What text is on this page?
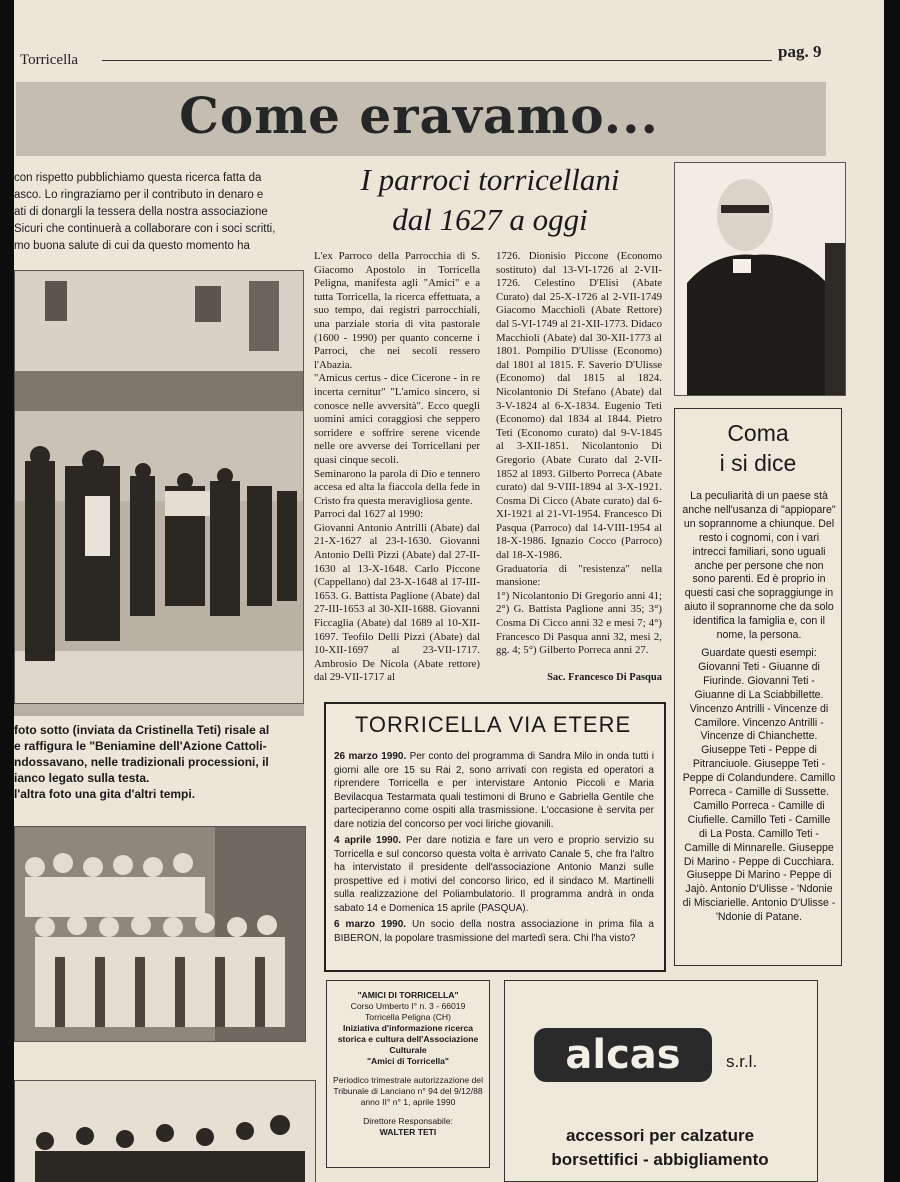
Torricella	pag. 9
Come eravamo...

con rispetto pubblichiamo questa ricerca fatta da

asco. Lo ringraziamo per il contributo in denaro e

ati di donargli la tessera della nostra associazione

Sicuri che continuerà a collaborare con i soci scritti,

mo buona salute di cui da questo momento ha

I parroci torricellani
dal 1627 a oggi

L'ex Parroco della Parrocchia di S. Giacomo Apostolo in Torricella Peligna, manifesta agli "Amici" e a tutta Torricella, la ricerca effettuata, a suo tempo, dai registri parrocchiali, una parziale storia di vita pastorale (1600 - 1990) per quanto concerne i Parroci, che nei secoli ressero l'Abazia.

"Amicus certus - dice Cicerone - in re incerta cernitur" "L'amico sincero, si conosce nelle avversità". Ecco quegli uomini amici coraggiosi che seppero sorridere e soffrire serene vicende nelle ore avverse dei Torricellani per quasi cinque secoli.

Seminarono la parola di Dio e tennero accesa ed alta la fiaccola della fede in Cristo fra questa meravigliosa gente.

Parroci dal 1627 al 1990:

Giovanni Antonio Antrilli (Abate) dal 21-X-1627 al 23-I-1630. Giovanni Antonio Delli Pizzi (Abate) dal 27-II-1630 al 13-X-1648. Carlo Piccone (Cappellano) dal 23-X-1648 al 17-III-1653. G. Battista Paglione (Abate) dal 27-III-1653 al 30-XII-1688. Giovanni Ficcaglia (Abate) dal 1689 al 10-XII-1697. Teofilo Delli Pizzi (Abate) dal 10-XII-1697 al 23-VII-1717. Ambrosio De Nicola (Abate rettore) dal 29-VII-1717 al

1726. Dionisio Piccone (Economo sostituto) dal 13-VI-1726 al 2-VII-1726. Celestino D'Elisi (Abate Curato) dal 25-X-1726 al 2-VII-1749 Giacomo Macchioli (Abate Rettore) dal 5-VI-1749 al 21-XII-1773. Didaco Macchioli (Abate) dal 30-XII-1773 al 1801. Pompilio D'Ulisse (Economo) dal 1801 al 1815. F. Saverio D'Ulisse (Economo) dal 1815 al 1824. Nicolantonio Di Stefano (Abate) dal 3-V-1824 al 6-X-1834. Eugenio Teti (Economo) dal 1834 al 1844. Pietro Teti (Economo curato) dal 9-V-1845 al 3-XII-1851. Nicolantonio Di Gregorio (Abate Curato dal 2-VII-1852 al 1893. Gilberto Porreca (Abate curato) dal 9-VIII-1894 al 3-X-1921. Cosma Di Cicco (Abate curato) dal 6-XI-1921 al 21-VI-1954. Francesco Di Pasqua (Parroco) dal 14-VIII-1954 al 18-X-1986. Ignazio Cocco (Parroco) dal 18-X-1986.

Graduatoria di "resistenza" nella mansione:

1°) Nicolantonio Di Gregorio anni 41; 2°) G. Battista Paglione anni 35; 3°) Cosma Di Cicco anni 32 e mesi 7; 4°) Francesco Di Pasqua anni 32, mesi 2, gg. 4; 5°) Gilberto Porreca anni 27.

Sac. Francesco Di Pasqua
Coma
i si dice

La peculiarità di un paese stà anche nell'usanza di "appiopare" un soprannome a chiunque. Del resto i cognomi, con i vari intrecci familiari, sono uguali anche per persone che non sono parenti. Ed è proprio in questi casi che sopraggiunge in aiuto il soprannome che da solo identifica la famiglia e, con il nome, la persona.

Guardate questi esempi: Giovanni Teti - Giuanne di Fiurinde. Giovanni Teti - Giuanne di La Sciabbillette. Vincenzo Antrilli - Vincenze di Camilore. Vincenzo Antrilli - Vincenze di Chianchette. Giuseppe Teti - Peppe di Pitranciuole. Giuseppe Teti - Peppe di Colandundere. Camillo Porreca - Camille di Sussette. Camillo Porreca - Camille di Ciufielle. Camillo Teti - Camille di La Posta. Camillo Teti - Camille di Minnarelle. Giuseppe Di Marino - Peppe di Cucchiara. Giuseppe Di Marino - Peppe di Jajò. Antonio D'Ulisse - 'Ndonie di Misciarielle. Antonio D'Ulisse - 'Ndonie di Patane.

foto sotto (inviata da Cristinella Teti) risale al

e raffigura le "Beniamine dell'Azione Cattoli-

ndossavano, nelle tradizionali processioni, il

ianco legato sulla testa.

l'altra foto una gita d'altri tempi.

TORRICELLA VIA ETERE

26 marzo 1990. Per conto del programma di Sandra Milo in onda tutti i giorni alle ore 15 su Rai 2, sono arrivati con regista ed operatori a riprendere Torricella e per intervistare Antonio Piccoli e Maria Bevilacqua Testarmata quali testimoni di Bruno e Gabriella Gentile che parteciperanno come ospiti alla trasmissione. L'occasione è servita per dare notizia del concorso per voci liriche giovanili.

4 aprile 1990. Per dare notizia e fare un vero e proprio servizio su Torricella e sul concorso questa volta è arrivato Canale 5, che fra l'altro ha intervistato il presidente dell'associazione Antonio Manzi sulle prospettive ed i motivi del concorso lirico, ed il sindaco M. Martinelli sulla realizzazione del Poliambulatorio. Il programma andrà in onda sabato 14 e Domenica 15 aprile (PASQUA).

6 marzo 1990. Un socio della nostra associazione in prima fila a BIBERON, la popolare trasmissione del martedì sera. Chi l'ha visto?

"AMICI DI TORRICELLA"

Corso Umberto I° n. 3 - 66019

Torricella Peligna (CH)

Iniziativa d'informazione ricerca storica e cultura dell'Associazione Culturale

"Amici di Torricella"

Periodico trimestrale autorizzazione del Tribunale di Lanciano n° 94 del 9/12/88 anno II° n° 1, aprile 1990

Direttore Responsabile:

WALTER TETI

alcas	s.r.l.
accessori per calzature
borsettifici - abbigliamento
